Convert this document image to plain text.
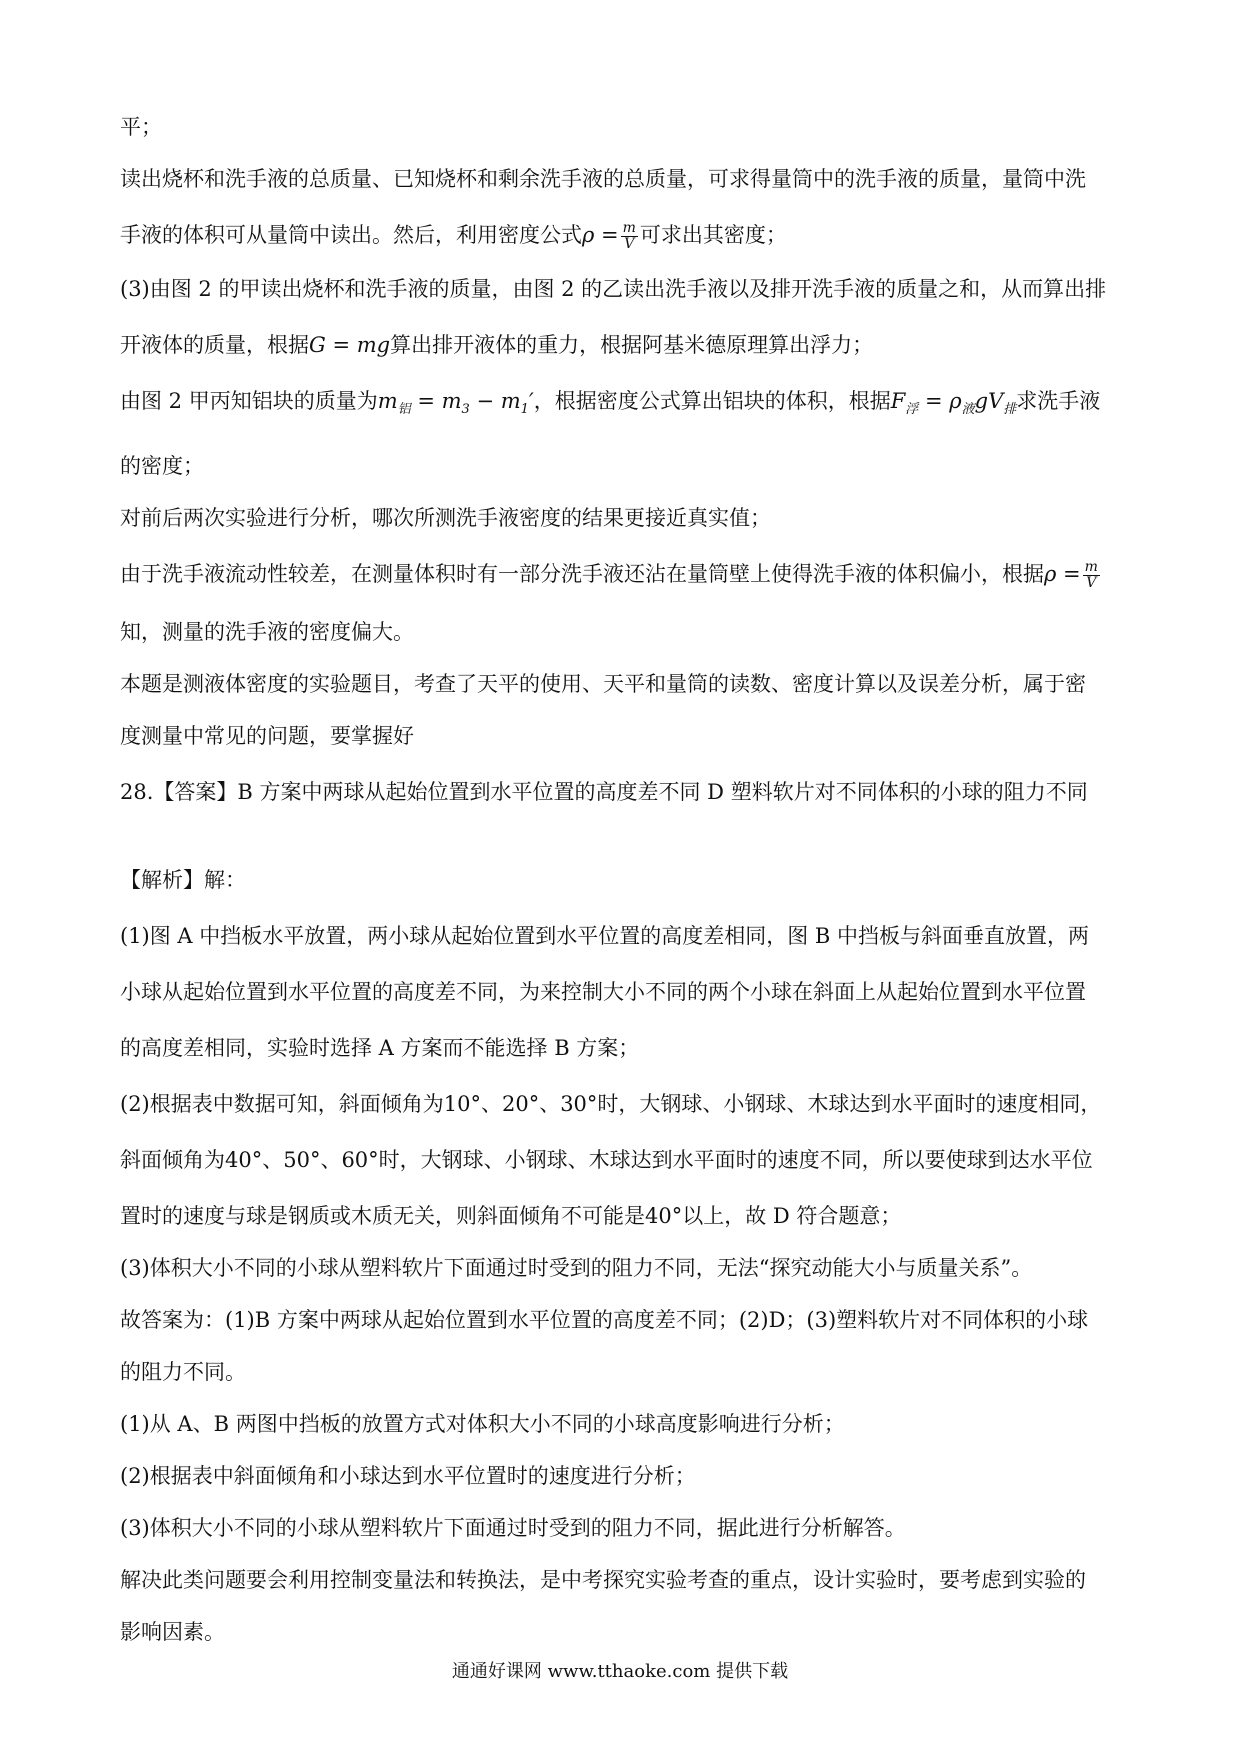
平；

读出烧杯和洗手液的总质量、已知烧杯和剩余洗手液的总质量，可求得量筒中的洗手液的质量，量筒中洗

手液的体积可从量筒中读出。然后，利用密度公式$\rho = \frac{m}{V}$ 可求出其密度；

(3)由图 2 的甲读出烧杯和洗手液的质量，由图 2 的乙读出洗手液以及排开洗手液的质量之和，从而算出排

开液体的质量，根据G = mg算出排开液体的重力，根据阿基米德原理算出浮力；

由图 2 甲丙知铝块的质量为$m_铝 = m_3 - m_1'$，根据密度公式算出铝块的体积，根据$F_浮 = \rho_液gV_排$求洗手液

的密度；

对前后两次实验进行分析，哪次所测洗手液密度的结果更接近真实值；

由于洗手液流动性较差，在测量体积时有一部分洗手液还沾在量筒壁上使得洗手液的体积偏小，根据$\rho = \frac{m}{V}$

知，测量的洗手液的密度偏大。

本题是测液体密度的实验题目，考查了天平的使用、天平和量筒的读数、密度计算以及误差分析，属于密

度测量中常见的问题，要掌握好

28.【答案】B 方案中两球从起始位置到水平位置的高度差不同 D 塑料软片对不同体积的小球的阻力不同

【解析】解：

(1)图 A 中挡板水平放置，两小球从起始位置到水平位置的高度差相同，图 B 中挡板与斜面垂直放置，两

小球从起始位置到水平位置的高度差不同，为来控制大小不同的两个小球在斜面上从起始位置到水平位置

的高度差相同，实验时选择 A 方案而不能选择 B 方案；

(2)根据表中数据可知，斜面倾角为10°、20°、30°时，大钢球、小钢球、木球达到水平面时的速度相同，

斜面倾角为40°、50°、60°时，大钢球、小钢球、木球达到水平面时的速度不同，所以要使球到达水平位

置时的速度与球是钢质或木质无关，则斜面倾角不可能是40°以上，故 D 符合题意；

(3)体积大小不同的小球从塑料软片下面通过时受到的阻力不同，无法“探究动能大小与质量关系”。

故答案为：(1)B 方案中两球从起始位置到水平位置的高度差不同；(2)D；(3)塑料软片对不同体积的小球

的阻力不同。

(1)从 A、B 两图中挡板的放置方式对体积大小不同的小球高度影响进行分析；

(2)根据表中斜面倾角和小球达到水平位置时的速度进行分析；

(3)体积大小不同的小球从塑料软片下面通过时受到的阻力不同，据此进行分析解答。

解决此类问题要会利用控制变量法和转换法，是中考探究实验考查的重点，设计实验时，要考虑到实验的

影响因素。

通通好课网 www.tthaoke.com 提供下载
